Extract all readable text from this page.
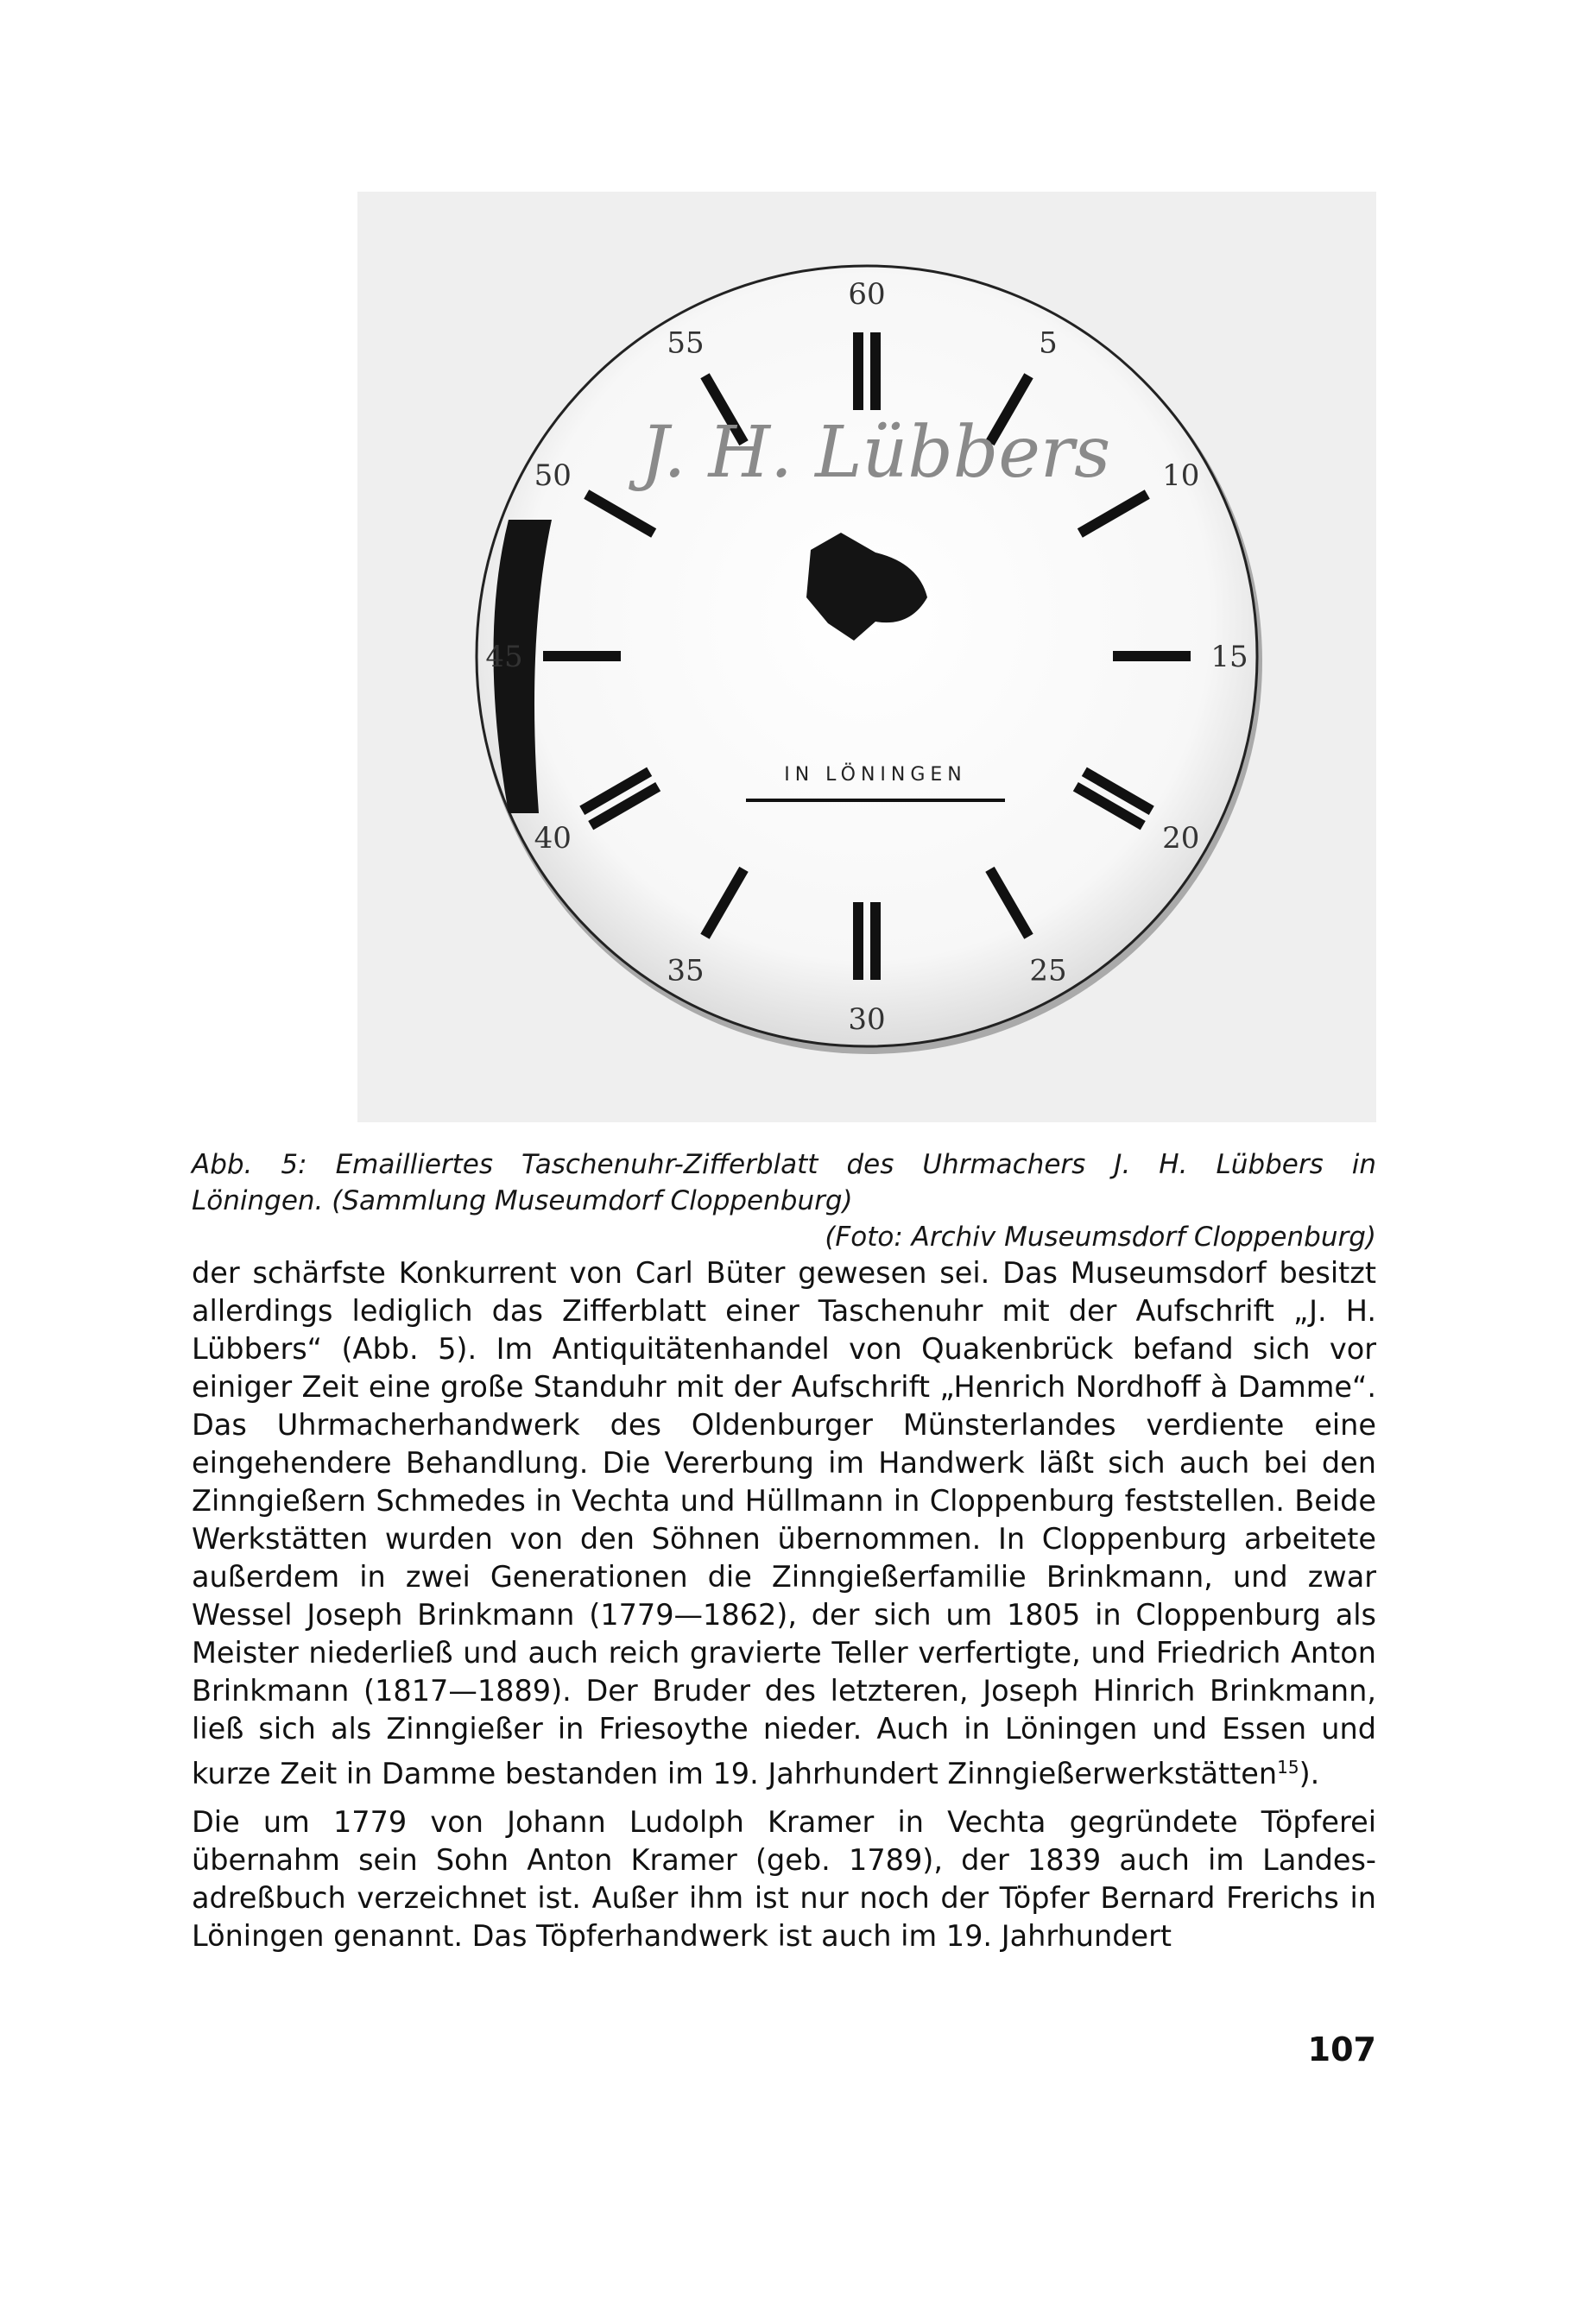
60
5
10
15
20
25
30
35
40
45
50
55
J. H. Lübbers
IN LÖNINGEN
Abb. 5: Emailliertes Taschenuhr-Zifferblatt des Uhrmachers J. H. Lübbers in
Löningen. (Sammlung Museumdorf Cloppenburg)
(Foto: Archiv Museumsdorf Cloppenburg)

der schärfste Konkurrent von Carl Büter gewesen sei. Das Museumsdorf besitzt allerdings lediglich das Zifferblatt einer Taschenuhr mit der Aufschrift „J. H. Lübbers“ (Abb. 5). Im Antiquitätenhandel von Quakenbrück befand sich vor einiger Zeit eine große Standuhr mit der Aufschrift „Henrich Nordhoff à Damme“. Das Uhrmacherhandwerk des Oldenburger Münsterlandes verdiente eine eingehendere Behandlung. Die Vererbung im Handwerk läßt sich auch bei den Zinngießern Schmedes in Vechta und Hüllmann in Cloppenburg feststellen. Beide Werkstätten wurden von den Söhnen übernommen. In Cloppenburg arbeitete außerdem in zwei Generationen die Zinngießerfamilie Brinkmann, und zwar Wessel Joseph Brinkmann (1779—1862), der sich um 1805 in Cloppenburg als Meister niederließ und auch reich gravierte Teller verfertigte, und Friedrich Anton Brinkmann (1817—1889). Der Bruder des letzteren, Joseph Hinrich Brinkmann, ließ sich als Zinngießer in Friesoythe nieder. Auch in Löningen und Essen und kurze Zeit in Damme bestanden im 19. Jahrhundert Zinngießerwerkstätten$^{15}$).

Die um 1779 von Johann Ludolph Kramer in Vechta gegründete Töpferei übernahm sein Sohn Anton Kramer (geb. 1789), der 1839 auch im Landesadreßbuch verzeichnet ist. Außer ihm ist nur noch der Töpfer Bernard Frerichs in Löningen genannt. Das Töpferhandwerk ist auch im 19. Jahrhundert

107
